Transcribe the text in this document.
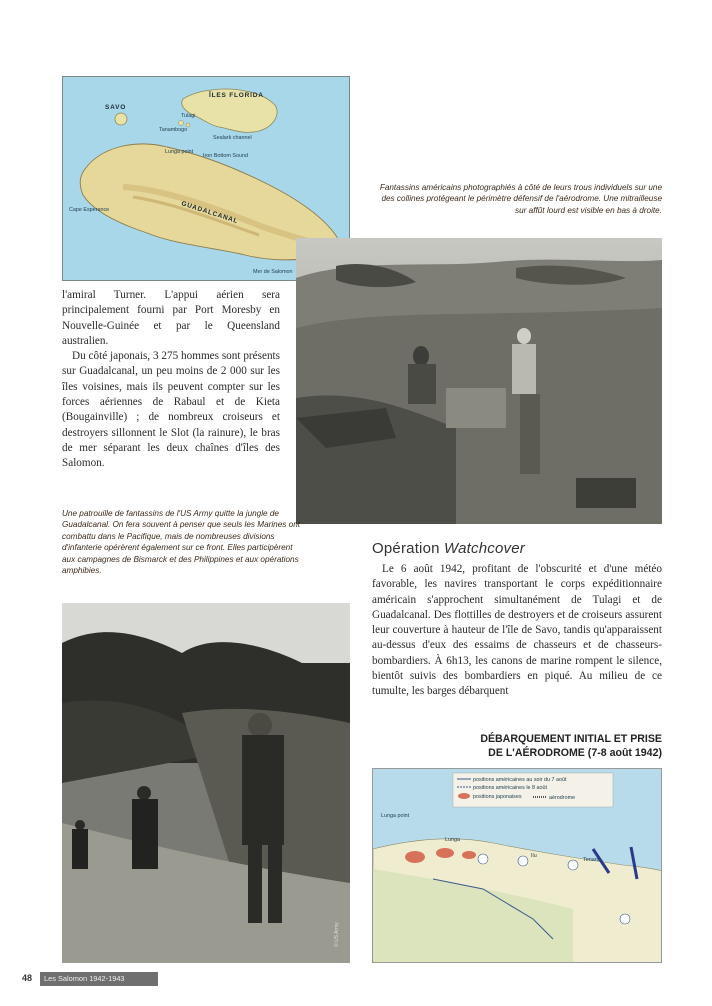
ÎLES FLORIDA
SAVO
Tulagi
Tanambogo
Lunga point
Sealark channel
Iron Bottom Sound
Cape Esperance
Mer de Salomon
GUADALCANAL
Fantassins américains photographiés à côté de leurs trous individuels sur une des collines protégeant le périmètre défensif de l'aérodrome. Une mitrailleuse sur affût lourd est visible en bas à droite.

l'amiral Turner. L'appui aérien sera principalement fourni par Port Moresby en Nouvelle-Guinée et par le Queensland australien.

Du côté japonais, 3 275 hommes sont présents sur Guadalcanal, un peu moins de 2 000 sur les îles voisines, mais ils peuvent compter sur les forces aériennes de Rabaul et de Kieta (Bougainville) ; de nombreux croiseurs et destroyers sillonnent le Slot (la rainure), le bras de mer séparant les deux chaînes d'îles des Salomon.

Une patrouille de fantassins de l'US Army quitte la jungle de Guadalcanal. On fera souvent à penser que seuls les Marines ont combattu dans le Pacifique, mais de nombreuses divisions d'infanterie opérèrent également sur ce front. Elles participèrent aux campagnes de Bismarck et des Philippines et aux opérations amphibies.
Opération Watchcover
Le 6 août 1942, profitant de l'obscurité et d'une météo favorable, les navires transportant le corps expéditionnaire américain s'approchent simultanément de Tulagi et de Guadalcanal. Des flottilles de destroyers et de croiseurs assurent leur couverture à hauteur de l'île de Savo, tandis qu'apparaissent au-dessus d'eux des essaims de chasseurs et de chasseurs-bombardiers. À 6h13, les canons de marine rompent le silence, bientôt suivis des bombardiers en piqué. Au milieu de ce tumulte, les barges débarquent
© US Army
DÉBARQUEMENT INITIAL ET PRISE
DE L'AÉRODROME (7-8 août 1942)
positions américaines au soir du 7 août
positions américaines le 8 août
positions japonaises	aérodrome
Lunga point
Lunga
Tenaru
Ilu
48	Les Salomon 1942-1943
